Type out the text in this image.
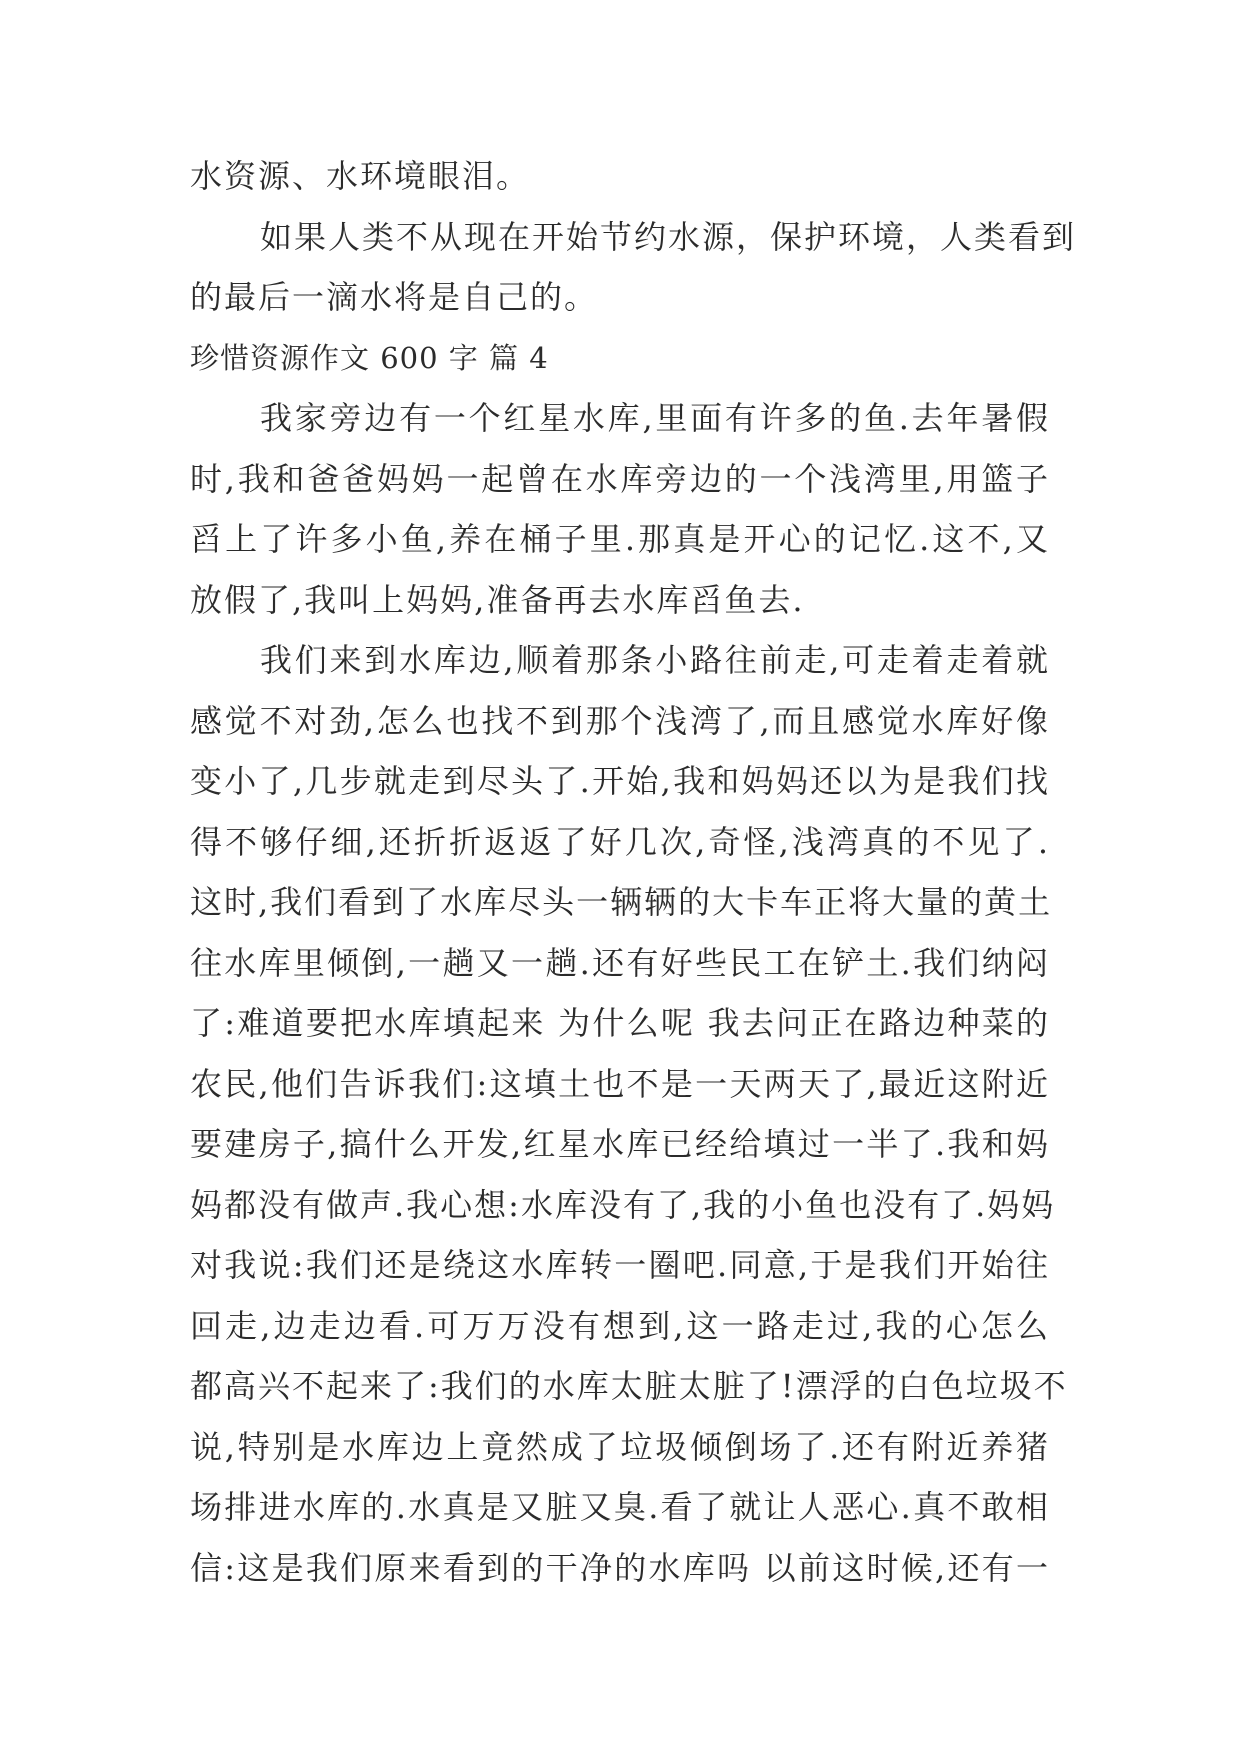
水资源、水环境眼泪。
如果人类不从现在开始节约水源，保护环境，人类看到
的最后一滴水将是自己的。
珍惜资源作文 600 字 篇 4
我家旁边有一个红星水库,里面有许多的鱼.去年暑假
时,我和爸爸妈妈一起曾在水库旁边的一个浅湾里,用篮子
舀上了许多小鱼,养在桶子里.那真是开心的记忆.这不,又
放假了,我叫上妈妈,准备再去水库舀鱼去.
我们来到水库边,顺着那条小路往前走,可走着走着就
感觉不对劲,怎么也找不到那个浅湾了,而且感觉水库好像
变小了,几步就走到尽头了.开始,我和妈妈还以为是我们找
得不够仔细,还折折返返了好几次,奇怪,浅湾真的不见了.
这时,我们看到了水库尽头一辆辆的大卡车正将大量的黄土
往水库里倾倒,一趟又一趟.还有好些民工在铲土.我们纳闷
了:难道要把水库填起来 为什么呢 我去问正在路边种菜的
农民,他们告诉我们:这填土也不是一天两天了,最近这附近
要建房子,搞什么开发,红星水库已经给填过一半了.我和妈
妈都没有做声.我心想:水库没有了,我的小鱼也没有了.妈妈
对我说:我们还是绕这水库转一圈吧.同意,于是我们开始往
回走,边走边看.可万万没有想到,这一路走过,我的心怎么
都高兴不起来了:我们的水库太脏太脏了!漂浮的白色垃圾不
说,特别是水库边上竟然成了垃圾倾倒场了.还有附近养猪
场排进水库的.水真是又脏又臭.看了就让人恶心.真不敢相
信:这是我们原来看到的干净的水库吗 以前这时候,还有一
